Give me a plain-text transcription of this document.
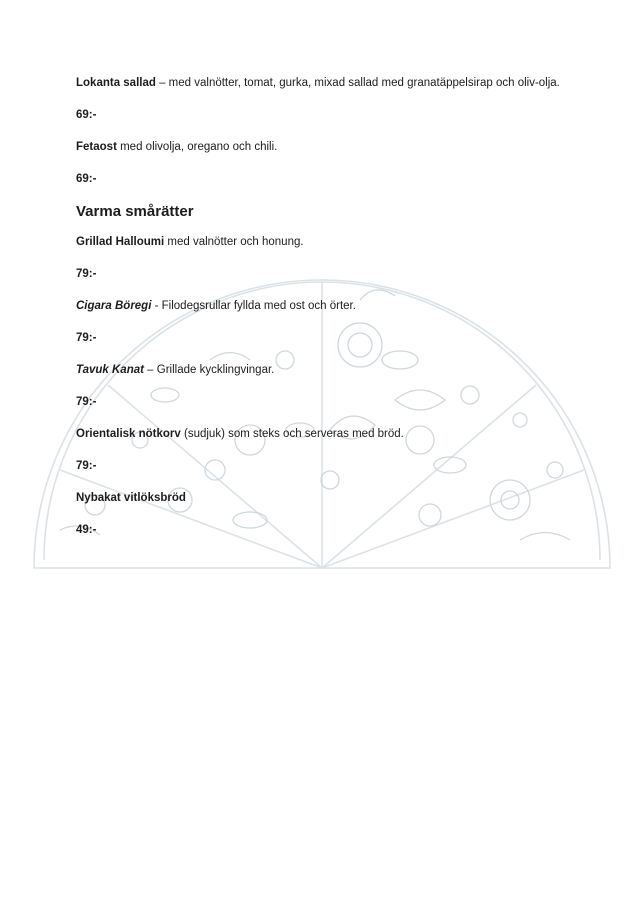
Lokanta sallad – med valnötter, tomat, gurka, mixad sallad med granatäppelsirap och oliv-olja.

69:-

Fetaost med olivolja, oregano och chili.

69:-

Varma smårätter

Grillad Halloumi med valnötter och honung.

79:-

Cigara Böregi - Filodegsrullar fyllda med ost och örter.

79:-

Tavuk Kanat – Grillade kycklingvingar.

79:-

Orientalisk nötkorv (sudjuk) som steks och serveras med bröd.

79:-

Nybakat vitlöksbröd

49:-
